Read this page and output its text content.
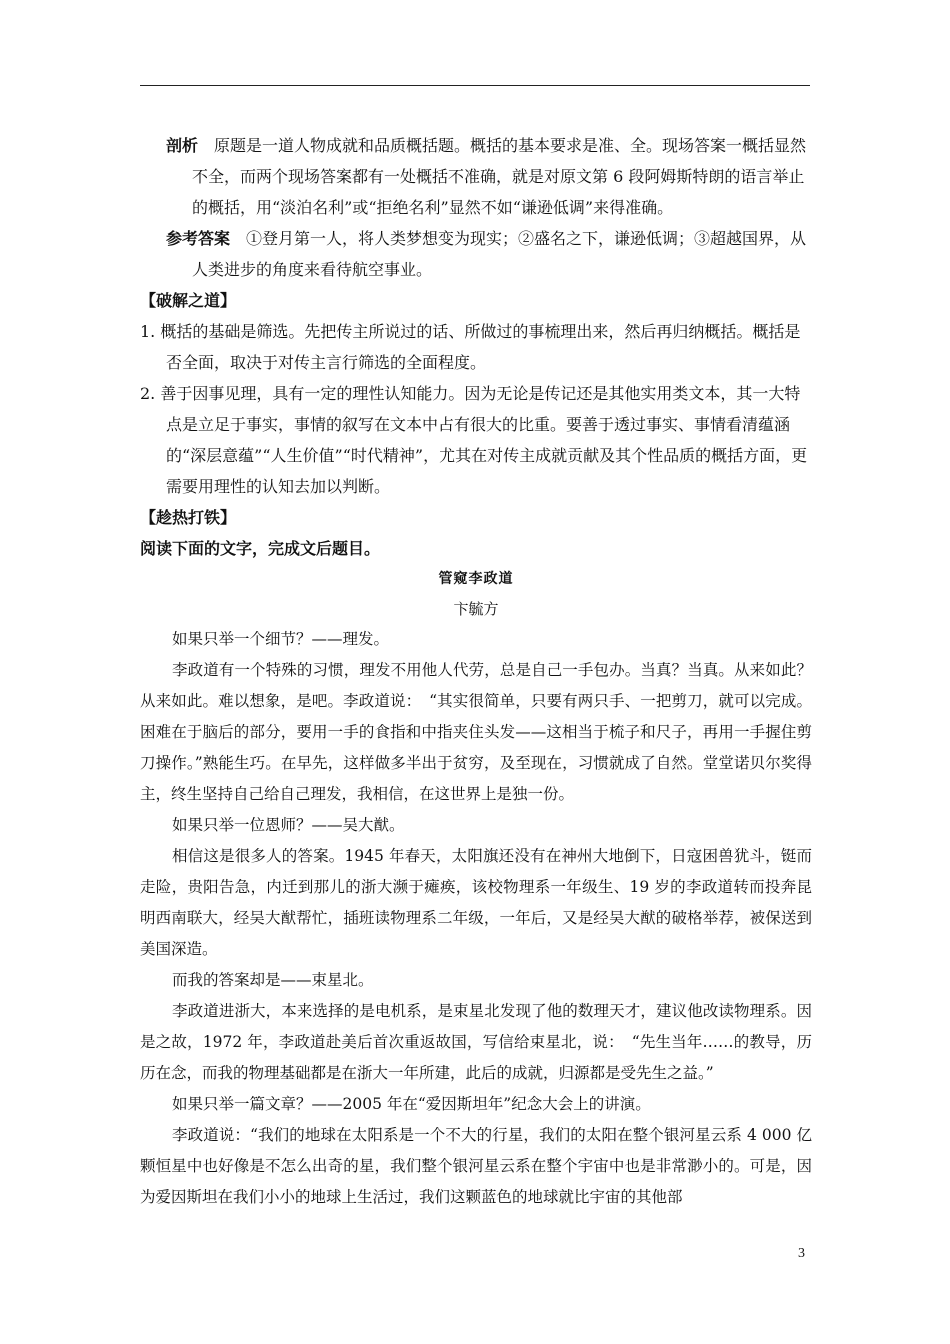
剖析　 原题是一道人物成就和品质概括题。概括的基本要求是准、全。现场答案一概括显然不全，而两个现场答案都有一处概括不准确，就是对原文第 6 段阿姆斯特朗的语言举止的概括，用“淡泊名利”或“拒绝名利”显然不如“谦逊低调”来得准确。

参考答案　 ①登月第一人，将人类梦想变为现实；②盛名之下，谦逊低调；③超越国界，从人类进步的角度来看待航空事业。

【破解之道】

1. 概括的基础是筛选。先把传主所说过的话、所做过的事梳理出来，然后再归纳概括。概括是否全面，取决于对传主言行筛选的全面程度。

2. 善于因事见理，具有一定的理性认知能力。因为无论是传记还是其他实用类文本，其一大特点是立足于事实，事情的叙写在文本中占有很大的比重。要善于透过事实、事情看清蕴涵的“深层意蕴”“人生价值”“时代精神”，尤其在对传主成就贡献及其个性品质的概括方面，更需要用理性的认知去加以判断。

【趁热打铁】

阅读下面的文字，完成文后题目。

管窥李政道

卞毓方

如果只举一个细节？——理发。

李政道有一个特殊的习惯，理发不用他人代劳，总是自己一手包办。当真？当真。从来如此？从来如此。难以想象，是吧。李政道说：　“其实很简单，只要有两只手、一把剪刀，就可以完成。困难在于脑后的部分，要用一手的食指和中指夹住头发——这相当于梳子和尺子，再用一手握住剪刀操作。”熟能生巧。在早先，这样做多半出于贫穷，及至现在，习惯就成了自然。堂堂诺贝尔奖得主，终生坚持自己给自己理发，我相信，在这世界上是独一份。

如果只举一位恩师？——吴大猷。

相信这是很多人的答案。1945 年春天，太阳旗还没有在神州大地倒下，日寇困兽犹斗，铤而走险，贵阳告急，内迁到那儿的浙大濒于瘫痪，该校物理系一年级生、19 岁的李政道转而投奔昆明西南联大，经吴大猷帮忙，插班读物理系二年级，一年后，又是经吴大猷的破格举荐，被保送到美国深造。

而我的答案却是——束星北。

李政道进浙大，本来选择的是电机系，是束星北发现了他的数理天才，建议他改读物理系。因是之故，1972 年，李政道赴美后首次重返故国，写信给束星北，说：　“先生当年……的教导，历历在念，而我的物理基础都是在浙大一年所建，此后的成就，归源都是受先生之益。”

如果只举一篇文章？——2005 年在“爱因斯坦年”纪念大会上的讲演。

李政道说：“我们的地球在太阳系是一个不大的行星，我们的太阳在整个银河星云系 4 000 亿颗恒星中也好像是不怎么出奇的星，我们整个银河星云系在整个宇宙中也是非常渺小的。可是，因为爱因斯坦在我们小小的地球上生活过，我们这颗蓝色的地球就比宇宙的其他部

3
